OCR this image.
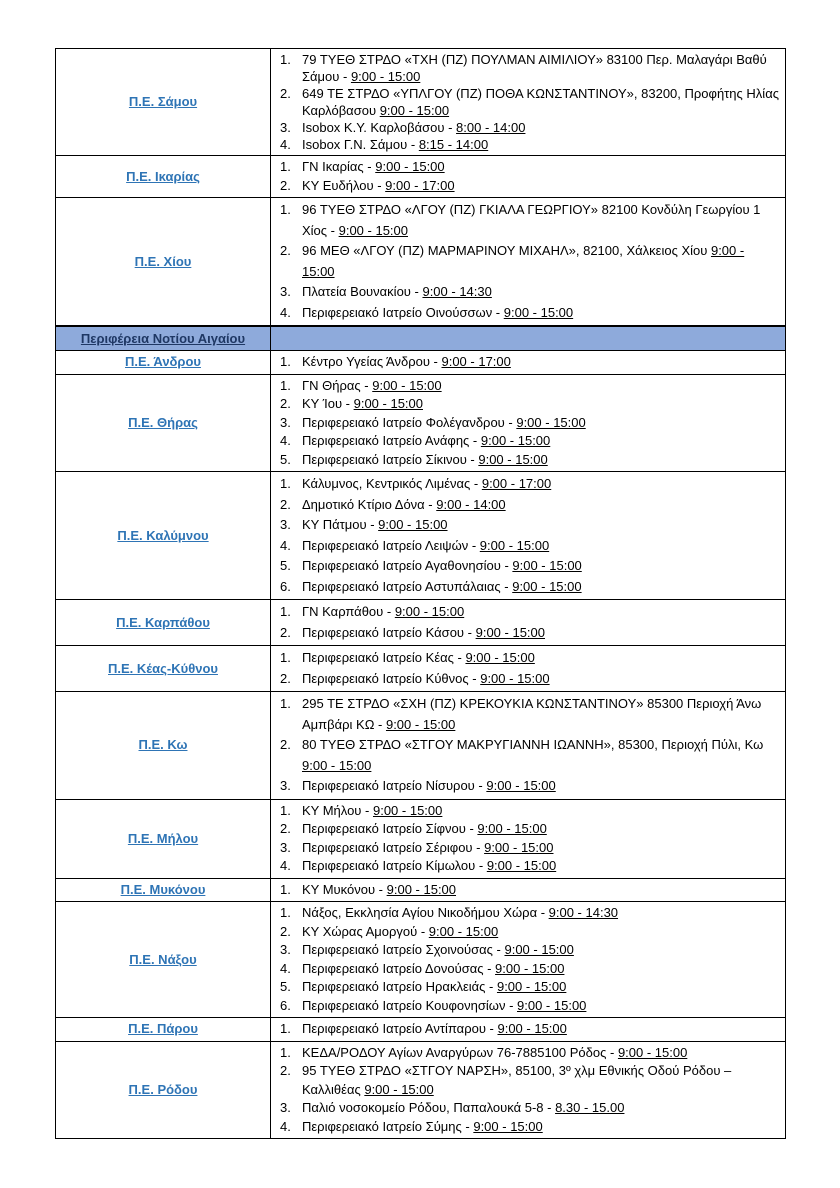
Π.Ε. Σάμου	
1. 79 ΤΥΕΘ ΣΤΡΔΟ «ΤΧΗ (ΠΖ) ΠΟΥΛΜΑΝ ΑΙΜΙΛΙΟΥ» 83100 Περ. Μαλαγάρι Βαθύ Σάμου - 9:00 - 15:00
2. 649 ΤΕ ΣΤΡΔΟ «ΥΠΛΓΟΥ (ΠΖ) ΠΟΘΑ ΚΩΝΣΤΑΝΤΙΝΟΥ», 83200, Προφήτης Ηλίας Καρλόβασου 9:00 - 15:00
3. Isobox Κ.Υ. Καρλοβάσου - 8:00 - 14:00
4. Isobox Γ.Ν. Σάμου - 8:15 - 14:00

Π.Ε. Ικαρίας	1. ΓΝ Ικαρίας - 9:00 - 15:00
2. ΚΥ Ευδήλου - 9:00 - 17:00

Π.Ε. Χίου	
1. 96 ΤΥΕΘ ΣΤΡΔΟ «ΛΓΟΥ (ΠΖ) ΓΚΙΑΛΑ ΓΕΩΡΓΙΟΥ» 82100 Κονδύλη Γεωργίου 1 Χίος - 9:00 - 15:00
2. 96 ΜΕΘ «ΛΓΟΥ (ΠΖ) ΜΑΡΜΑΡΙΝΟΥ ΜΙΧΑΗΛ», 82100, Χάλκειος Χίου 9:00 - 15:00
3. Πλατεία Βουνακίου - 9:00 - 14:30
4. Περιφερειακό Ιατρείο Οινούσσων - 9:00 - 15:00

Περιφέρεια Νοτίου Αιγαίου	
Π.Ε. Άνδρου	1. Κέντρο Υγείας Άνδρου - 9:00 - 17:00

Π.Ε. Θήρας	
1. ΓΝ Θήρας - 9:00 - 15:00
2. ΚΥ Ίου - 9:00 - 15:00
3. Περιφερειακό Ιατρείο Φολέγανδρου - 9:00 - 15:00
4. Περιφερειακό Ιατρείο Ανάφης - 9:00 - 15:00
5. Περιφερειακό Ιατρείο Σίκινου - 9:00 - 15:00

Π.Ε. Καλύμνου	
1. Κάλυμνος, Κεντρικός Λιμένας - 9:00 - 17:00
2. Δημοτικό Κτίριο Δόνα - 9:00 - 14:00
3. ΚΥ Πάτμου - 9:00 - 15:00
4. Περιφερειακό Ιατρείο Λειψών - 9:00 - 15:00
5. Περιφερειακό Ιατρείο Αγαθονησίου - 9:00 - 15:00
6. Περιφερειακό Ιατρείο Αστυπάλαιας - 9:00 - 15:00

Π.Ε. Καρπάθου	1. ΓΝ Καρπάθου - 9:00 - 15:00
2. Περιφερειακό Ιατρείο Κάσου - 9:00 - 15:00

Π.Ε. Κέας-Κύθνου	1. Περιφερειακό Ιατρείο Κέας - 9:00 - 15:00
2. Περιφερειακό Ιατρείο Κύθνος - 9:00 - 15:00

Π.Ε. Κω	
1. 295 ΤΕ ΣΤΡΔΟ «ΣΧΗ (ΠΖ) ΚΡΕΚΟΥΚΙΑ ΚΩΝΣΤΑΝΤΙΝΟΥ» 85300 Περιοχή Άνω Αμπβάρι ΚΩ - 9:00 - 15:00
2. 80 ΤΥΕΘ ΣΤΡΔΟ «ΣΤΓΟΥ ΜΑΚΡΥΓΙΑΝΝΗ ΙΩΑΝΝΗ», 85300, Περιοχή Πύλι, Κω 9:00 - 15:00
3. Περιφερειακό Ιατρείο Νίσυρου - 9:00 - 15:00

Π.Ε. Μήλου	
1. ΚΥ Μήλου - 9:00 - 15:00
2. Περιφερειακό Ιατρείο Σίφνου - 9:00 - 15:00
3. Περιφερειακό Ιατρείο Σέριφου - 9:00 - 15:00
4. Περιφερειακό Ιατρείο Κίμωλου - 9:00 - 15:00

Π.Ε. Μυκόνου	1. ΚΥ Μυκόνου - 9:00 - 15:00

Π.Ε. Νάξου	
1. Νάξος, Εκκλησία Αγίου Νικοδήμου Χώρα - 9:00 - 14:30
2. ΚΥ Χώρας Αμοργού - 9:00 - 15:00
3. Περιφερειακό Ιατρείο Σχοινούσας - 9:00 - 15:00
4. Περιφερειακό Ιατρείο Δονούσας - 9:00 - 15:00
5. Περιφερειακό Ιατρείο Ηρακλειάς - 9:00 - 15:00
6. Περιφερειακό Ιατρείο Κουφονησίων - 9:00 - 15:00

Π.Ε. Πάρου	1. Περιφερειακό Ιατρείο Αντίπαρου - 9:00 - 15:00

Π.Ε. Ρόδου	
1. ΚΕΔΑ/ΡΟΔΟΥ Αγίων Αναργύρων 76-7885100 Ρόδος - 9:00 - 15:00
2. 95 ΤΥΕΘ ΣΤΡΔΟ «ΣΤΓΟΥ ΝΑΡΣΗ», 85100, 3º χλμ Εθνικής Οδού Ρόδου – Καλλιθέας 9:00 - 15:00
3. Παλιό νοσοκομείο Ρόδου, Παπαλουκά 5-8 - 8.30 - 15.00
4. Περιφερειακό Ιατρείο Σύμης - 9:00 - 15:00
